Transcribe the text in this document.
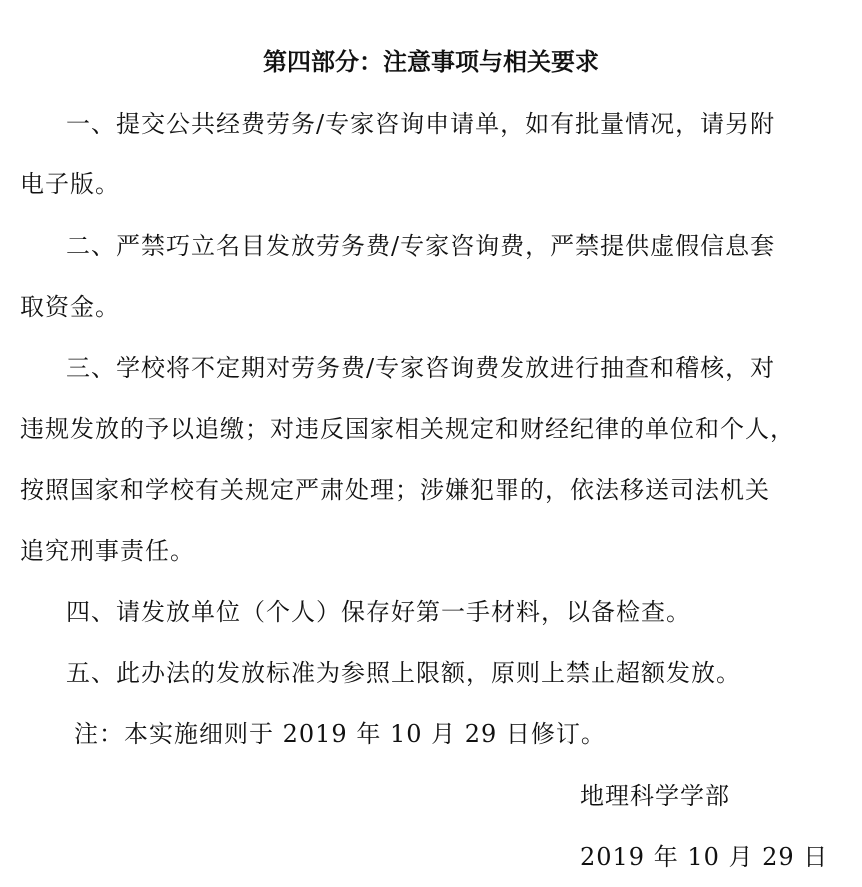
第四部分：注意事项与相关要求
一、提交公共经费劳务/专家咨询申请单，如有批量情况，请另附
电子版。
二、严禁巧立名目发放劳务费/专家咨询费，严禁提供虚假信息套
取资金。
三、学校将不定期对劳务费/专家咨询费发放进行抽查和稽核，对
违规发放的予以追缴；对违反国家相关规定和财经纪律的单位和个人，
按照国家和学校有关规定严肃处理；涉嫌犯罪的，依法移送司法机关
追究刑事责任。
四、请发放单位（个人）保存好第一手材料，以备检查。
五、此办法的发放标准为参照上限额，原则上禁止超额发放。
注：本实施细则于 2019 年 10 月 29 日修订。
地理科学学部
2019 年 10 月 29 日
